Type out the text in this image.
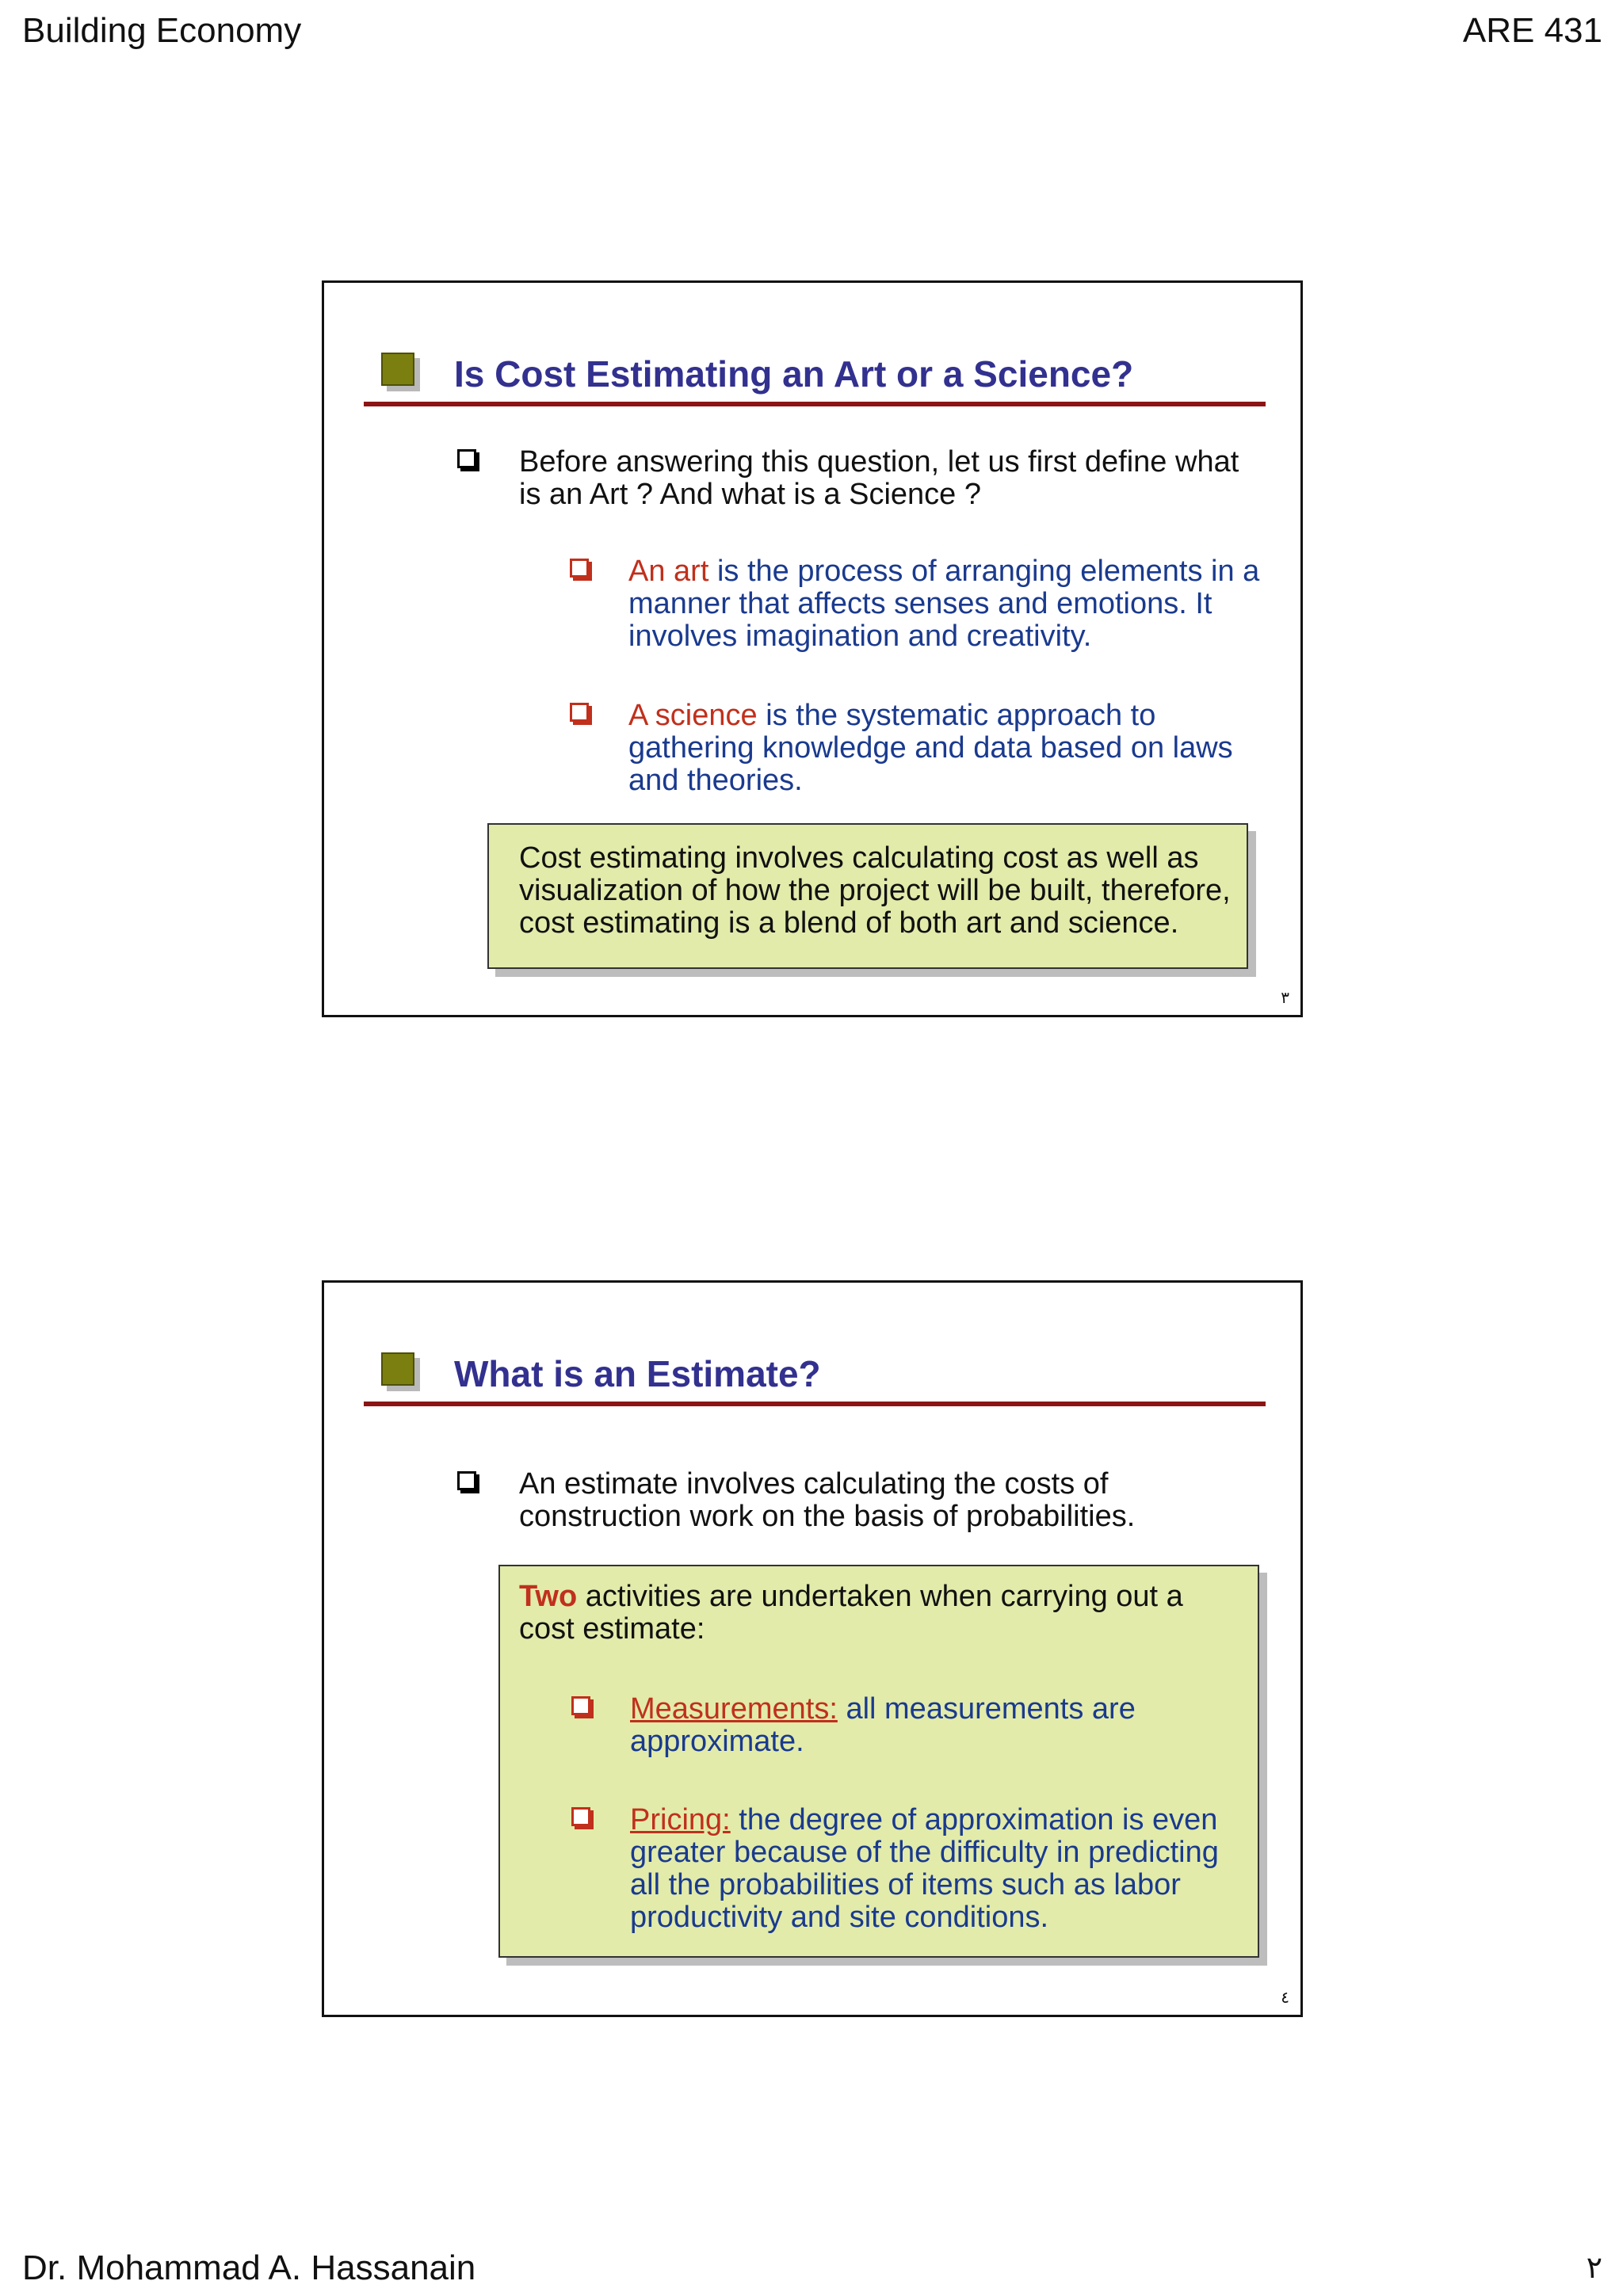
Building Economy	ARE 431
Is Cost Estimating an Art or a Science?
Before answering this question, let us first define what is an Art ? And what is a Science ?
An art is the process of arranging elements in a manner that affects senses and emotions. It involves imagination and creativity.
A science is the systematic approach to gathering knowledge and data based on laws and theories.
Cost estimating involves calculating cost as well as visualization of how the project will be built, therefore, cost estimating is a blend of both art and science.
٣
What is an Estimate?
An estimate involves calculating the costs of construction work on the basis of probabilities.
Two activities are undertaken when carrying out a cost estimate:
Measurements: all measurements are approximate.
Pricing: the degree of approximation is even greater because of the difficulty in predicting all the probabilities of items such as labor productivity and site conditions.
٤
Dr. Mohammad A. Hassanain	٢
